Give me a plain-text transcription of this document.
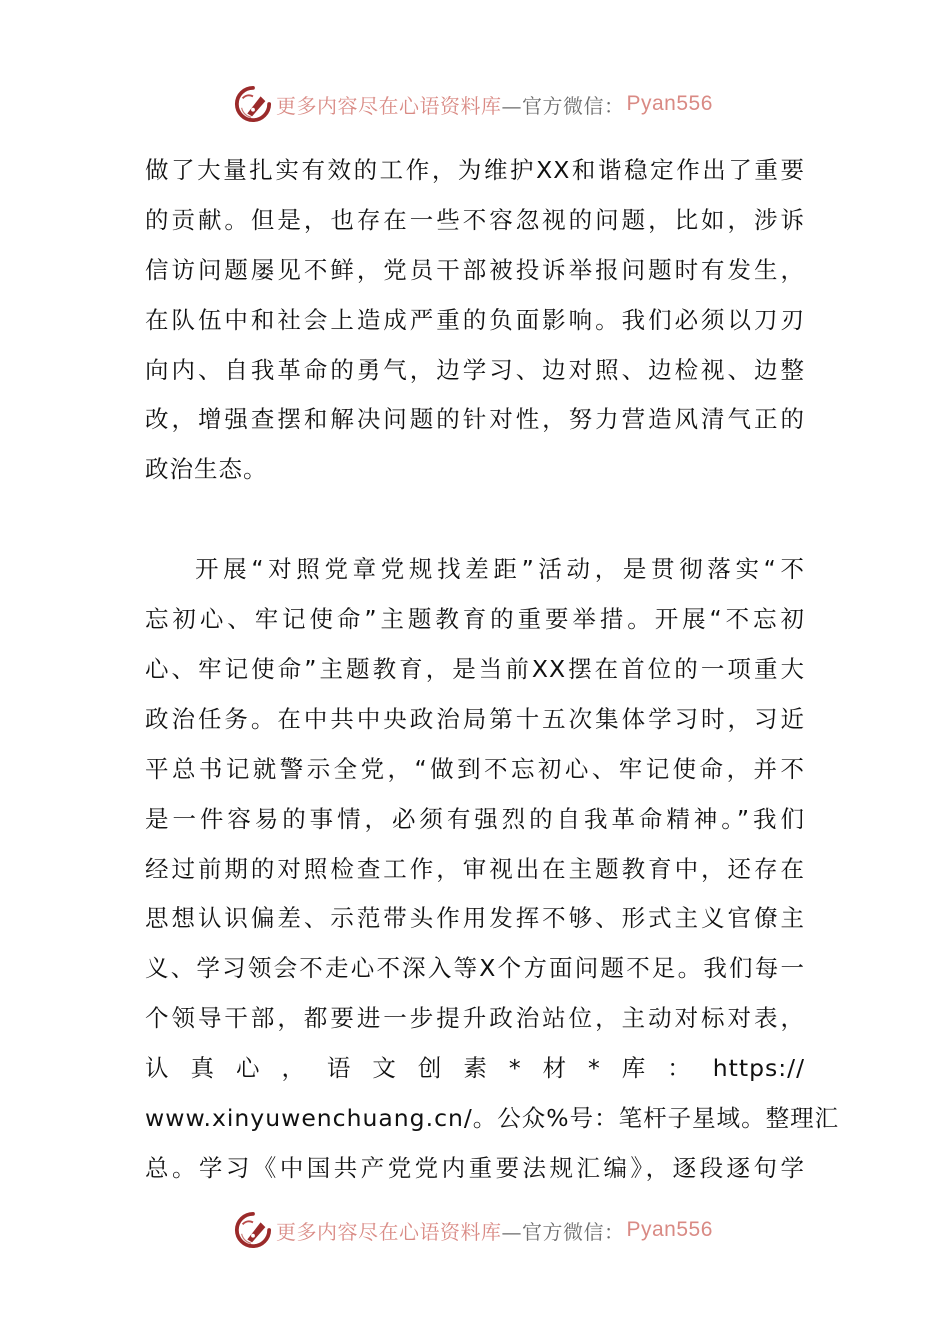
更多内容尽在心语资料库 —官方微信： Pyan556
做了大量扎实有效的工作，为维护XX和谐稳定作出了重要
的贡献。但是，也存在一些不容忽视的问题，比如，涉诉
信访问题屡见不鲜，党员干部被投诉举报问题时有发生，
在队伍中和社会上造成严重的负面影响。我们必须以刀刃
向内、自我革命的勇气，边学习、边对照、边检视、边整
改，增强查摆和解决问题的针对性，努力营造风清气正的
政治生态。
开展“对照党章党规找差距”活动，是贯彻落实“不
忘初心、牢记使命”主题教育的重要举措。开展“不忘初
心、牢记使命”主题教育，是当前XX摆在首位的一项重大
政治任务。在中共中央政治局第十五次集体学习时，习近
平总书记就警示全党，“做到不忘初心、牢记使命，并不
是一件容易的事情，必须有强烈的自我革命精神。”我们
经过前期的对照检查工作，审视出在主题教育中，还存在
思想认识偏差、示范带头作用发挥不够、形式主义官僚主
义、学习领会不走心不深入等X个方面问题不足。我们每一
个领导干部，都要进一步提升政治站位，主动对标对表，
认真心，语文创素*材*库：https://
www.xinyuwenchuang.cn/。公众%号：笔杆子星域。整理汇
总。学习《中国共产党党内重要法规汇编》，逐段逐句学
更多内容尽在心语资料库 —官方微信： Pyan556
